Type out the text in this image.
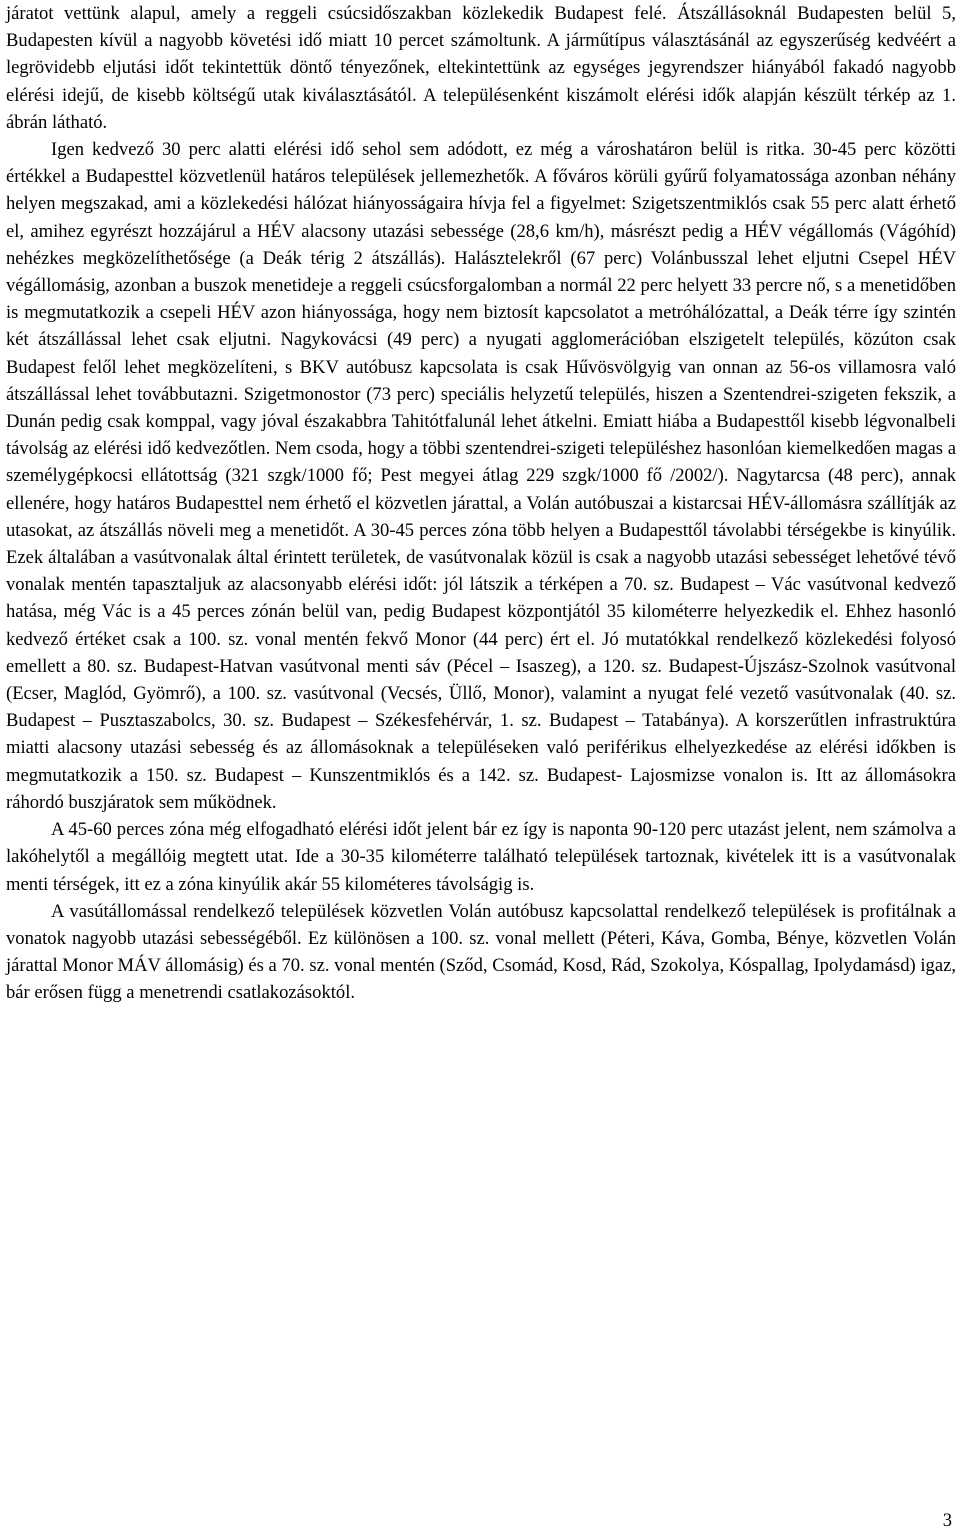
járatot vettünk alapul, amely a reggeli csúcsidőszakban közlekedik Budapest felé. Átszállásoknál Budapesten belül 5, Budapesten kívül a nagyobb követési idő miatt 10 percet számoltunk. A járműtípus választásánál az egyszerűség kedvéért a legrövidebb eljutási időt tekintettük döntő tényezőnek, eltekintettünk az egységes jegyrendszer hiányából fakadó nagyobb elérési idejű, de kisebb költségű utak kiválasztásától. A településenként kiszámolt elérési idők alapján készült térkép az 1. ábrán látható.

Igen kedvező 30 perc alatti elérési idő sehol sem adódott, ez még a városhatáron belül is ritka. 30-45 perc közötti értékkel a Budapesttel közvetlenül határos települések jellemezhetők. A főváros körüli gyűrű folyamatossága azonban néhány helyen megszakad, ami a közlekedési hálózat hiányosságaira hívja fel a figyelmet: Szigetszentmiklós csak 55 perc alatt érhető el, amihez egyrészt hozzájárul a HÉV alacsony utazási sebessége (28,6 km/h), másrészt pedig a HÉV végállomás (Vágóhíd) nehézkes megközelíthetősége (a Deák térig 2 átszállás). Halásztelekről (67 perc) Volánbusszal lehet eljutni Csepel HÉV végállomásig, azonban a buszok menetideje a reggeli csúcsforgalomban a normál 22 perc helyett 33 percre nő, s a menetidőben is megmutatkozik a csepeli HÉV azon hiányossága, hogy nem biztosít kapcsolatot a metróhálózattal, a Deák térre így szintén két átszállással lehet csak eljutni. Nagykovácsi (49 perc) a nyugati agglomerációban elszigetelt település, közúton csak Budapest felől lehet megközelíteni, s BKV autóbusz kapcsolata is csak Hűvösvölgyig van onnan az 56-os villamosra való átszállással lehet továbbutazni. Szigetmonostor (73 perc) speciális helyzetű település, hiszen a Szentendrei-szigeten fekszik, a Dunán pedig csak komppal, vagy jóval északabbra Tahitótfalunál lehet átkelni. Emiatt hiába a Budapesttől kisebb légvonalbeli távolság az elérési idő kedvezőtlen. Nem csoda, hogy a többi szentendrei-szigeti településhez hasonlóan kiemelkedően magas a személygépkocsi ellátottság (321 szgk/1000 fő; Pest megyei átlag 229 szgk/1000 fő /2002/). Nagytarcsa (48 perc), annak ellenére, hogy határos Budapesttel nem érhető el közvetlen járattal, a Volán autóbuszai a kistarcsai HÉV-állomásra szállítják az utasokat, az átszállás növeli meg a menetidőt. A 30-45 perces zóna több helyen a Budapesttől távolabbi térségekbe is kinyúlik. Ezek általában a vasútvonalak által érintett területek, de vasútvonalak közül is csak a nagyobb utazási sebességet lehetővé tévő vonalak mentén tapasztaljuk az alacsonyabb elérési időt: jól látszik a térképen a 70. sz. Budapest – Vác vasútvonal kedvező hatása, még Vác is a 45 perces zónán belül van, pedig Budapest központjától 35 kilométerre helyezkedik el. Ehhez hasonló kedvező értéket csak a 100. sz. vonal mentén fekvő Monor (44 perc) ért el. Jó mutatókkal rendelkező közlekedési folyosó emellett a 80. sz. Budapest-Hatvan vasútvonal menti sáv (Pécel – Isaszeg), a 120. sz. Budapest-Újszász-Szolnok vasútvonal (Ecser, Maglód, Gyömrő), a 100. sz. vasútvonal (Vecsés, Üllő, Monor), valamint a nyugat felé vezető vasútvonalak (40. sz. Budapest – Pusztaszabolcs, 30. sz. Budapest – Székesfehérvár, 1. sz. Budapest – Tatabánya). A korszerűtlen infrastruktúra miatti alacsony utazási sebesség és az állomásoknak a településeken való periférikus elhelyezkedése az elérési időkben is megmutatkozik a 150. sz. Budapest – Kunszentmiklós és a 142. sz. Budapest- Lajosmizse vonalon is. Itt az állomásokra ráhordó buszjáratok sem működnek.

A 45-60 perces zóna még elfogadható elérési időt jelent bár ez így is naponta 90-120 perc utazást jelent, nem számolva a lakóhelytől a megállóig megtett utat. Ide a 30-35 kilométerre található települések tartoznak, kivételek itt is a vasútvonalak menti térségek, itt ez a zóna kinyúlik akár 55 kilométeres távolságig is.

A vasútállomással rendelkező települések közvetlen Volán autóbusz kapcsolattal rendelkező települések is profitálnak a vonatok nagyobb utazási sebességéből. Ez különösen a 100. sz. vonal mellett (Péteri, Káva, Gomba, Bénye, közvetlen Volán járattal Monor MÁV állomásig) és a 70. sz. vonal mentén (Sződ, Csomád, Kosd, Rád, Szokolya, Kóspallag, Ipolydamásd) igaz, bár erősen függ a menetrendi csatlakozásoktól.

3
